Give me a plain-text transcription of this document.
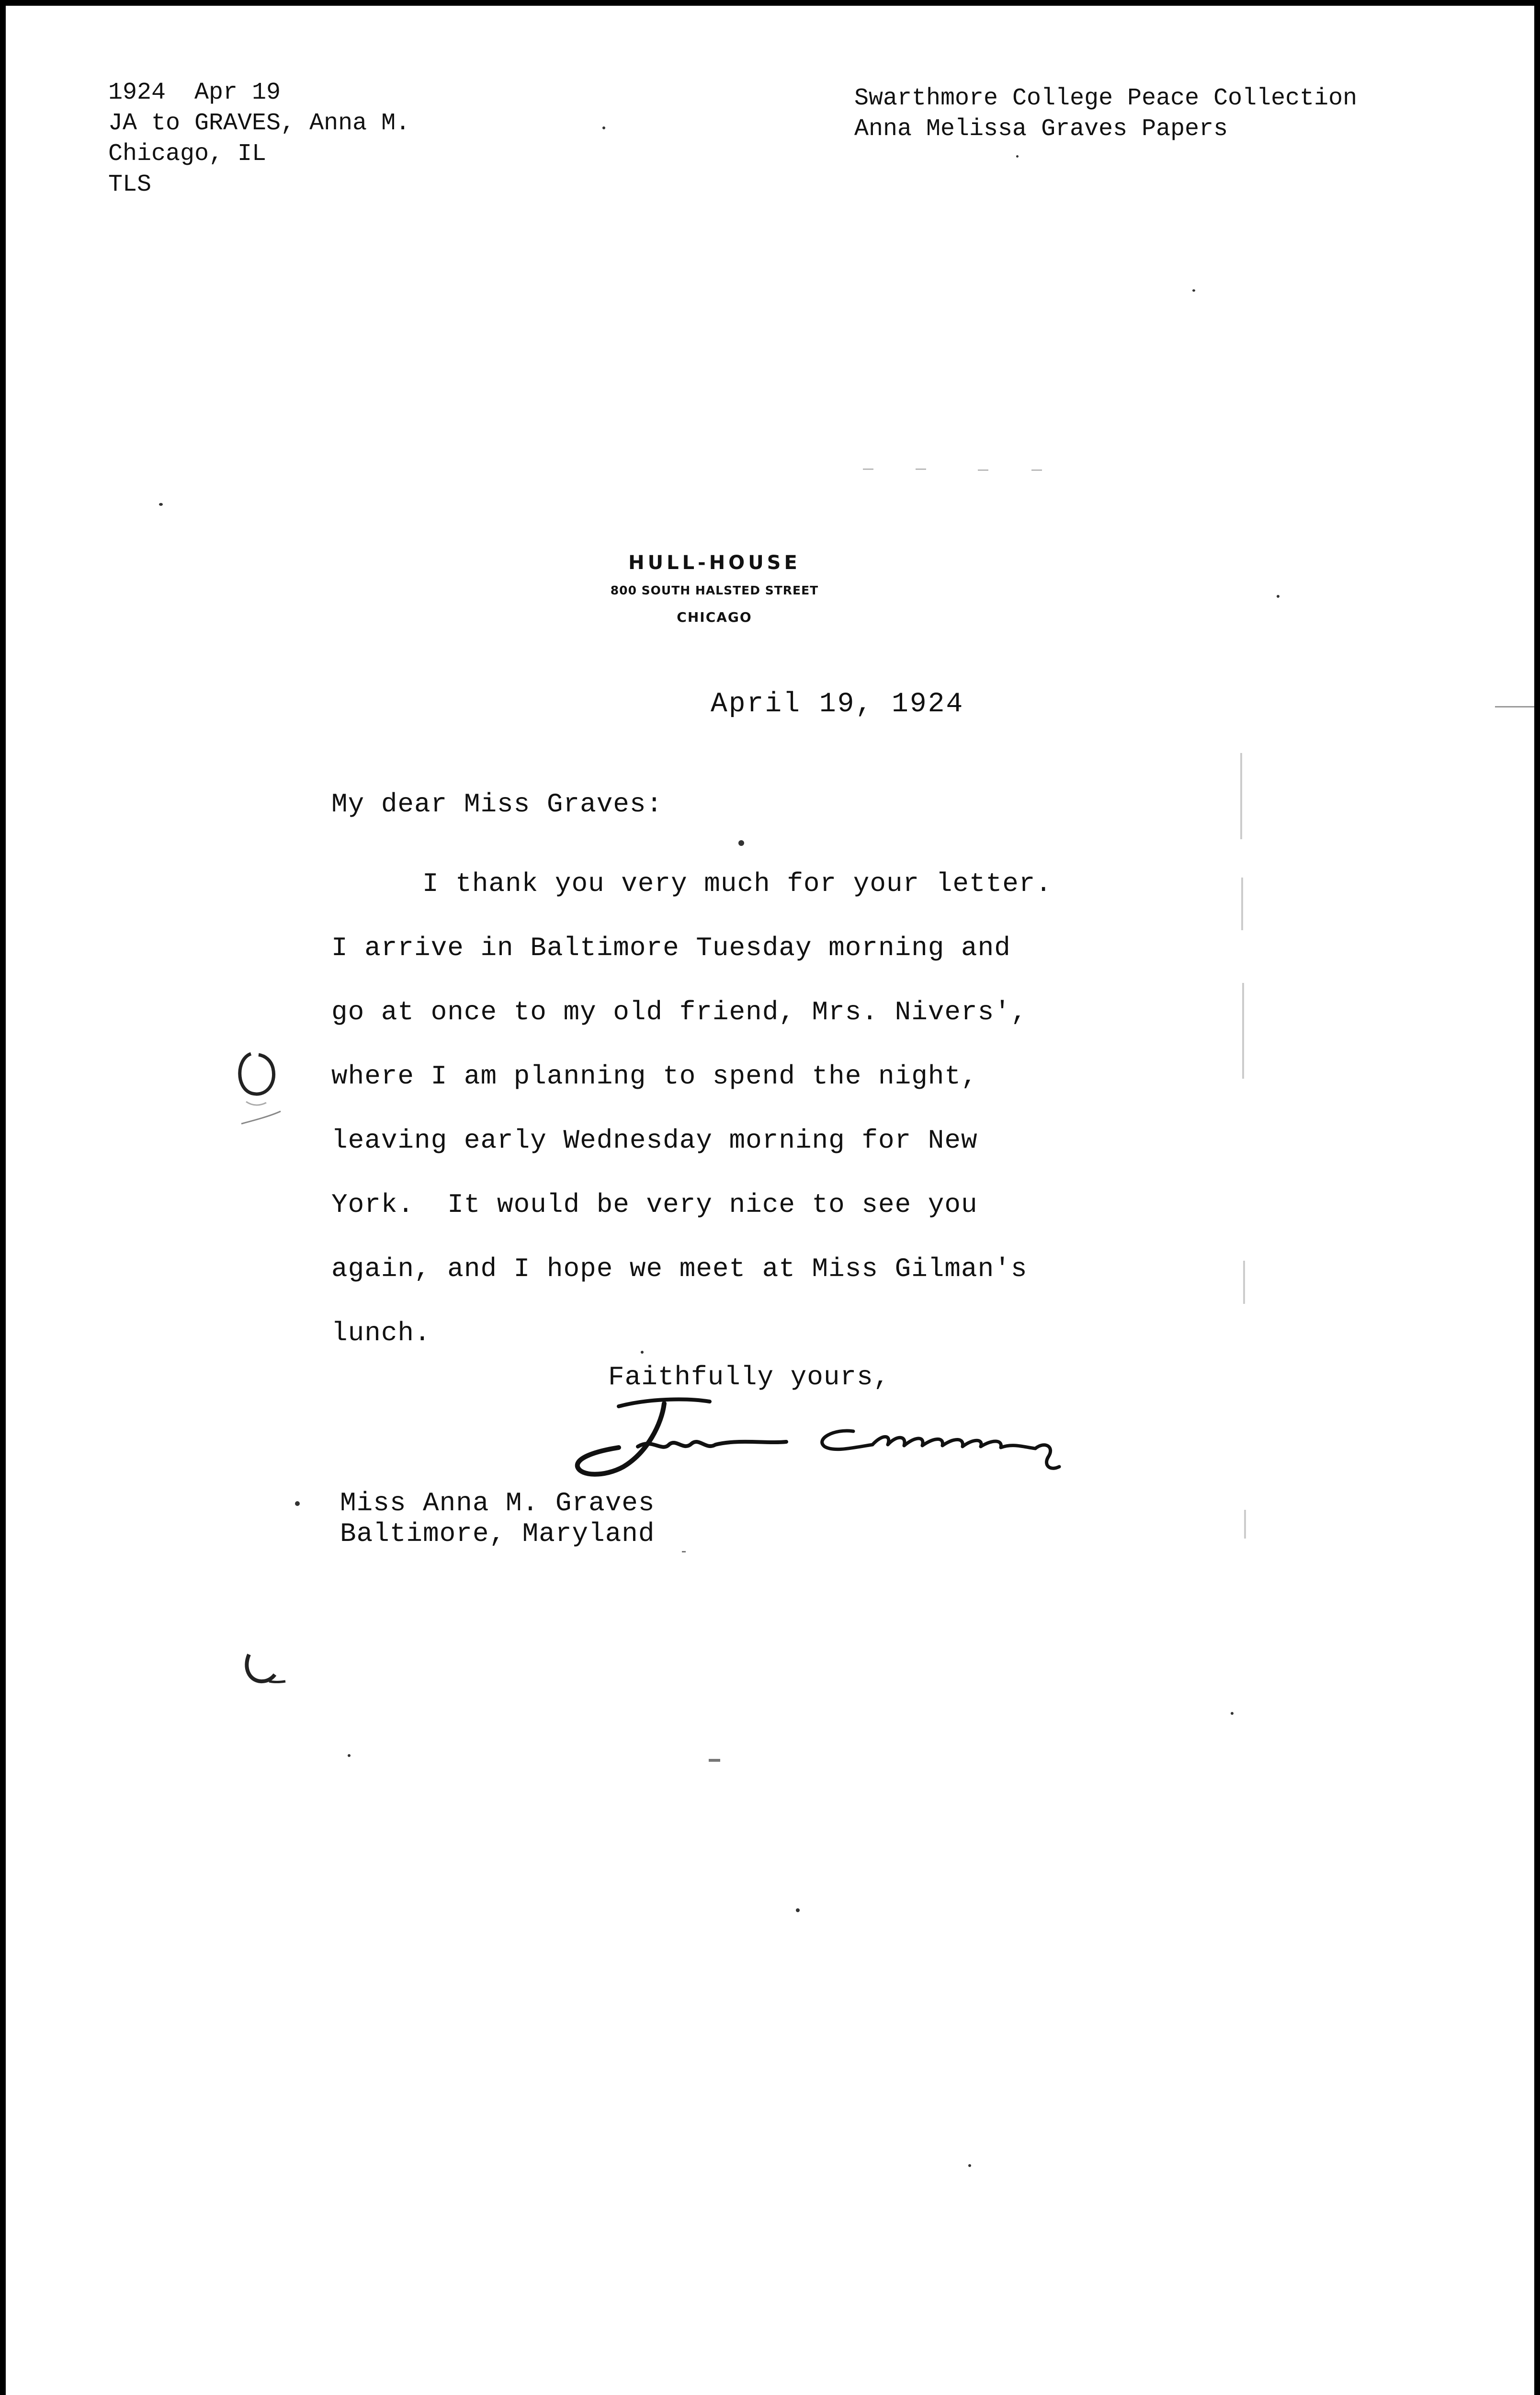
1924  Apr 19
JA to GRAVES, Anna M.
Chicago, IL
TLS
Swarthmore College Peace Collection
Anna Melissa Graves Papers
HULL-HOUSE
800 SOUTH HALSTED STREET
CHICAGO
April 19, 1924
My dear Miss Graves:
I thank you very much for your letter.
I arrive in Baltimore Tuesday morning and
go at once to my old friend, Mrs. Nivers',
where I am planning to spend the night,
leaving early Wednesday morning for New
York.  It would be very nice to see you
again, and I hope we meet at Miss Gilman's
lunch.
Faithfully yours,
Miss Anna M. Graves
Baltimore, Maryland
